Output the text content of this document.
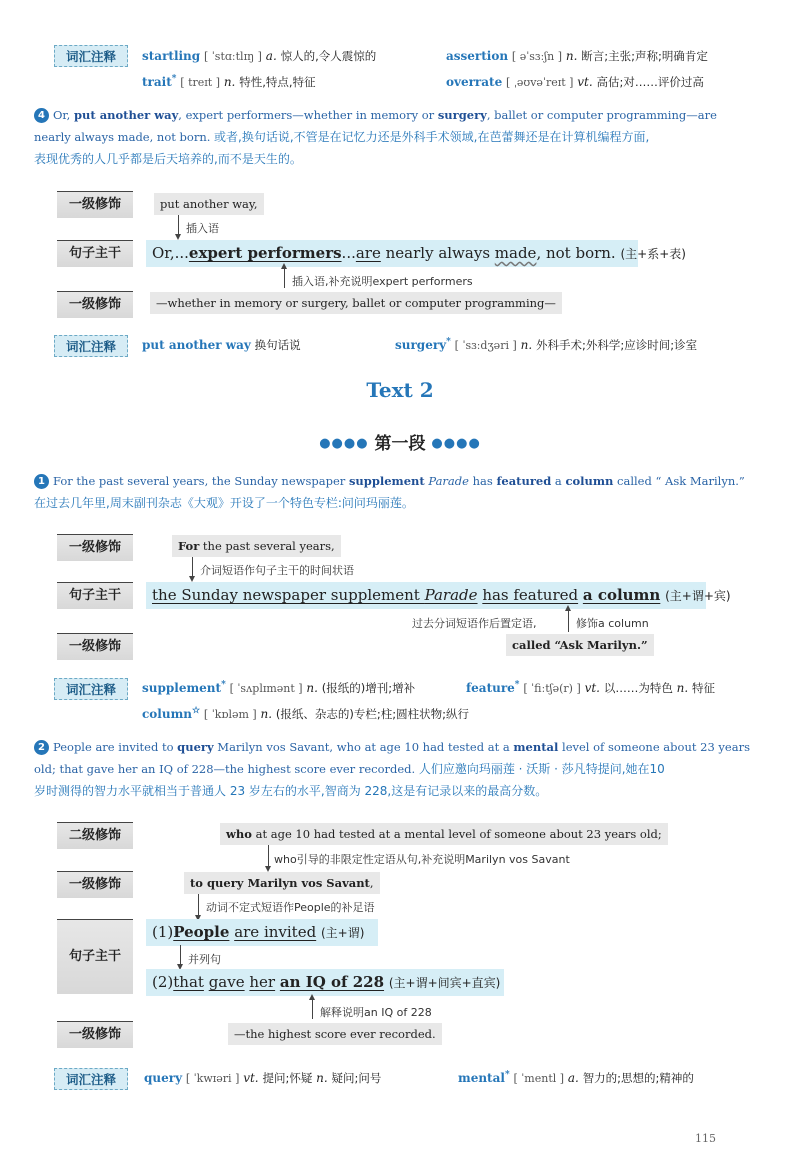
词汇注释	startling [ ˈstɑːtlɪŋ ] a. 惊人的,令人震惊的	assertion [ əˈsɜːʃn ] n. 断言;主张;声称;明确肯定
trait* [ treɪt ] n. 特性,特点,特征	overrate [ ˌəʊvəˈreɪt ] vt. 高估;对……评价过高
4 Or, put another way, expert performers—whether in memory or surgery, ballet or computer programming—are nearly always made, not born. 或者,换句话说,不管是在记忆力还是外科手术领域,在芭蕾舞还是在计算机编程方面,
表现优秀的人几乎都是后天培养的,而不是天生的。
一级修饰	put another way,
插入语
句子主干	Or,...expert performers...are nearly always made, not born. (主+系+表)
插入语,补充说明expert performers
一级修饰	—whether in memory or surgery, ballet or computer programming—
词汇注释	put another way 换句话说	surgery* [ ˈsɜːdʒəri ] n. 外科手术;外科学;应诊时间;诊室
Text 2
●●●● 第一段 ●●●●
1 For the past several years, the Sunday newspaper supplement Parade has featured a column called “ Ask Marilyn.”
在过去几年里,周末副刊杂志《大观》开设了一个特色专栏:问问玛丽莲。
一级修饰	For the past several years,
介词短语作句子主干的时间状语
句子主干	the Sunday newspaper supplement Parade has featured a column (主+谓+宾)
过去分词短语作后置定语,	修饰a column
一级修饰	called “Ask Marilyn.”
词汇注释	supplement* [ ˈsʌplɪmənt ] n. (报纸的)增刊;增补	feature* [ ˈfiːtʃə(r) ] vt. 以……为特色 n. 特征
column☆ [ ˈkɒləm ] n. (报纸、杂志的)专栏;柱;圆柱状物;纵行
2 People are invited to query Marilyn vos Savant, who at age 10 had tested at a mental level of someone about 23 years
old; that gave her an IQ of 228—the highest score ever recorded. 人们应邀向玛丽莲 · 沃斯 · 莎凡特提问,她在10
岁时测得的智力水平就相当于普通人 23 岁左右的水平,智商为 228,这是有记录以来的最高分数。
二级修饰	who at age 10 had tested at a mental level of someone about 23 years old;
who引导的非限定性定语从句,补充说明Marilyn vos Savant
一级修饰	to query Marilyn vos Savant,
动词不定式短语作People的补足语
句子主干
(1)People are invited (主+谓)
并列句
(2)that gave her an IQ of 228 (主+谓+间宾+直宾)
解释说明an IQ of 228
一级修饰	—the highest score ever recorded.
词汇注释	query [ ˈkwɪəri ] vt. 提问;怀疑 n. 疑问;问号	mental* [ ˈmentl ] a. 智力的;思想的;精神的
115
